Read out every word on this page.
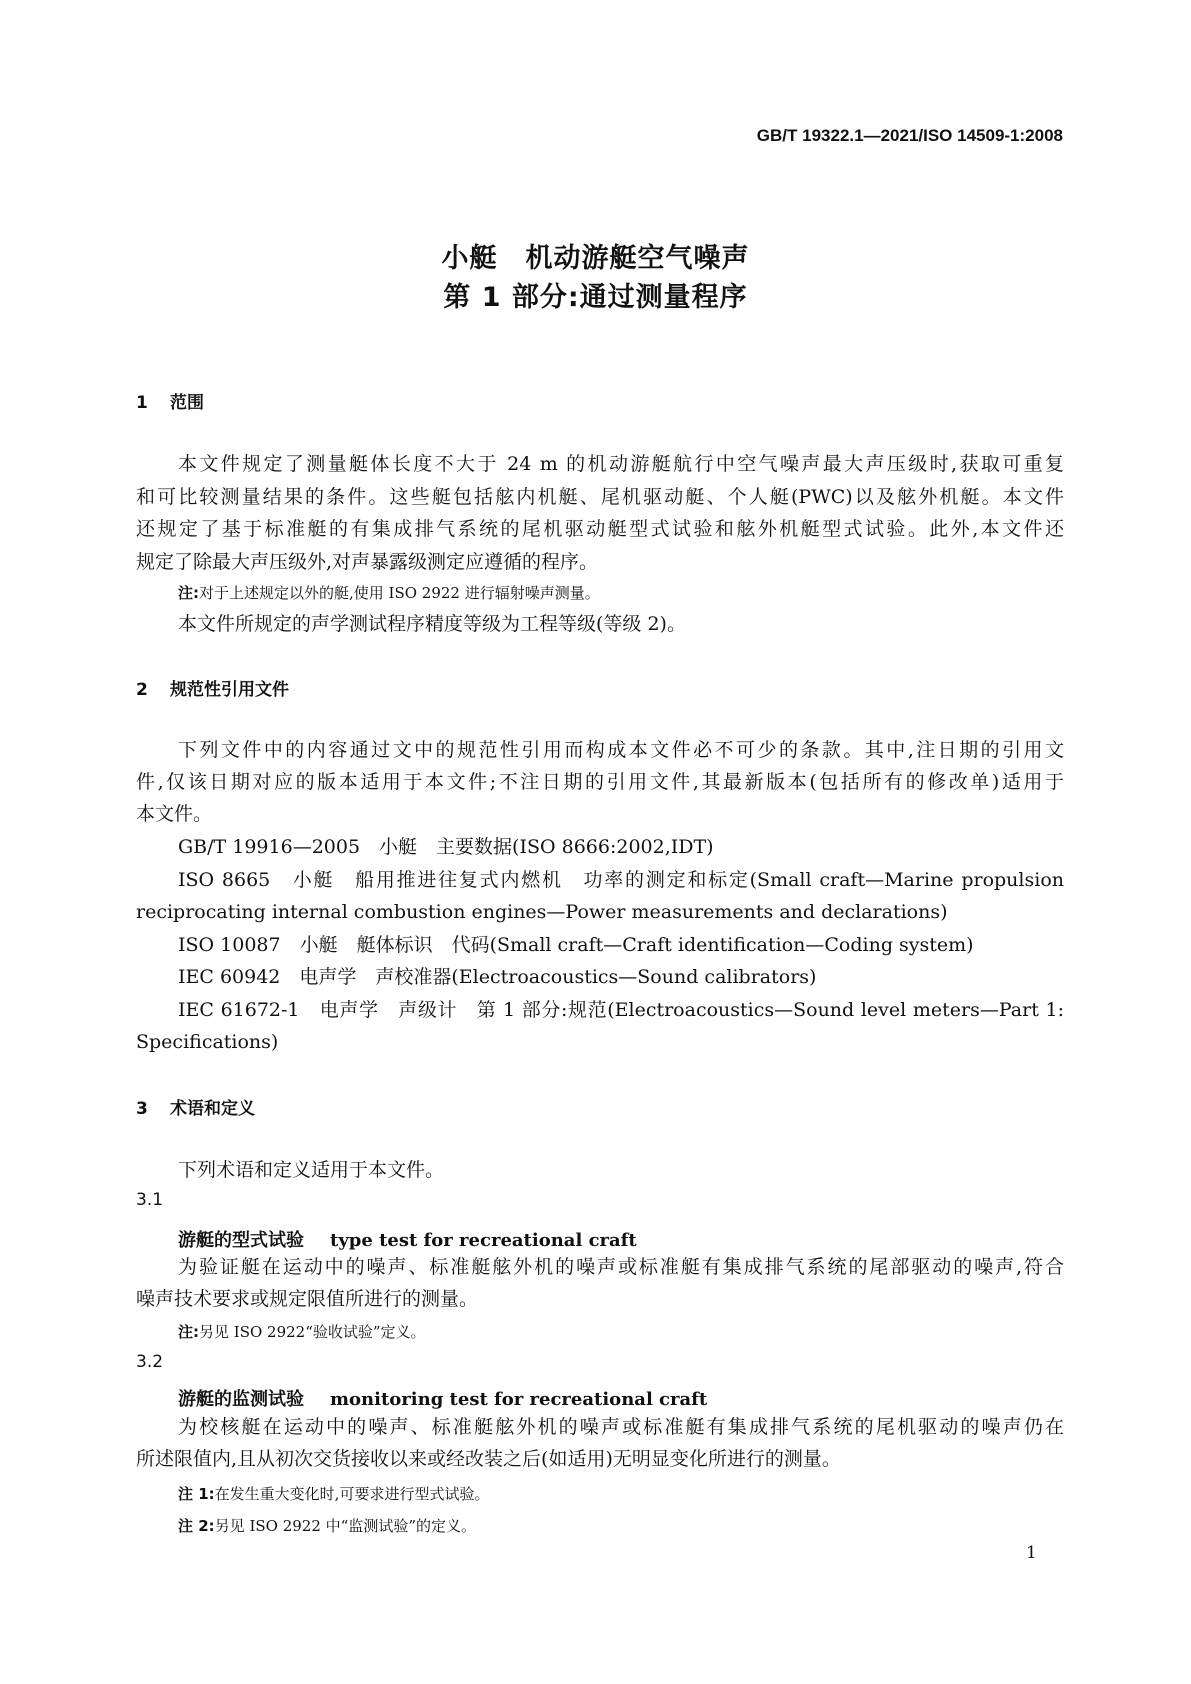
GB/T 19322.1—2021/ISO 14509-1:2008
小艇　机动游艇空气噪声
第 1 部分:通过测量程序
1 范围
本文件规定了测量艇体长度不大于 24 m 的机动游艇航行中空气噪声最大声压级时,获取可重复
和可比较测量结果的条件。这些艇包括舷内机艇、尾机驱动艇、个人艇(PWC)以及舷外机艇。本文件
还规定了基于标准艇的有集成排气系统的尾机驱动艇型式试验和舷外机艇型式试验。此外,本文件还
规定了除最大声压级外,对声暴露级测定应遵循的程序。
注:对于上述规定以外的艇,使用 ISO 2922 进行辐射噪声测量。
本文件所规定的声学测试程序精度等级为工程等级(等级 2)。
2 规范性引用文件
下列文件中的内容通过文中的规范性引用而构成本文件必不可少的条款。其中,注日期的引用文
件,仅该日期对应的版本适用于本文件;不注日期的引用文件,其最新版本(包括所有的修改单)适用于
本文件。
GB/T 19916—2005　小艇　主要数据(ISO 8666:2002,IDT)
ISO 8665　小艇　船用推进往复式内燃机　功率的测定和标定(Small craft—Marine propulsion
reciprocating internal combustion engines—Power measurements and declarations)
ISO 10087　小艇　艇体标识　代码(Small craft—Craft identification—Coding system)
IEC 60942　电声学　声校准器(Electroacoustics—Sound calibrators)
IEC 61672-1　电声学　声级计　第 1 部分:规范(Electroacoustics—Sound level meters—Part 1:
Specifications)
3 术语和定义
下列术语和定义适用于本文件。
3.1
游艇的型式试验 type test for recreational craft
为验证艇在运动中的噪声、标准艇舷外机的噪声或标准艇有集成排气系统的尾部驱动的噪声,符合
噪声技术要求或规定限值所进行的测量。
注:另见 ISO 2922“验收试验”定义。
3.2
游艇的监测试验 monitoring test for recreational craft
为校核艇在运动中的噪声、标准艇舷外机的噪声或标准艇有集成排气系统的尾机驱动的噪声仍在
所述限值内,且从初次交货接收以来或经改装之后(如适用)无明显变化所进行的测量。
注 1:在发生重大变化时,可要求进行型式试验。
注 2:另见 ISO 2922 中“监测试验”的定义。
1
